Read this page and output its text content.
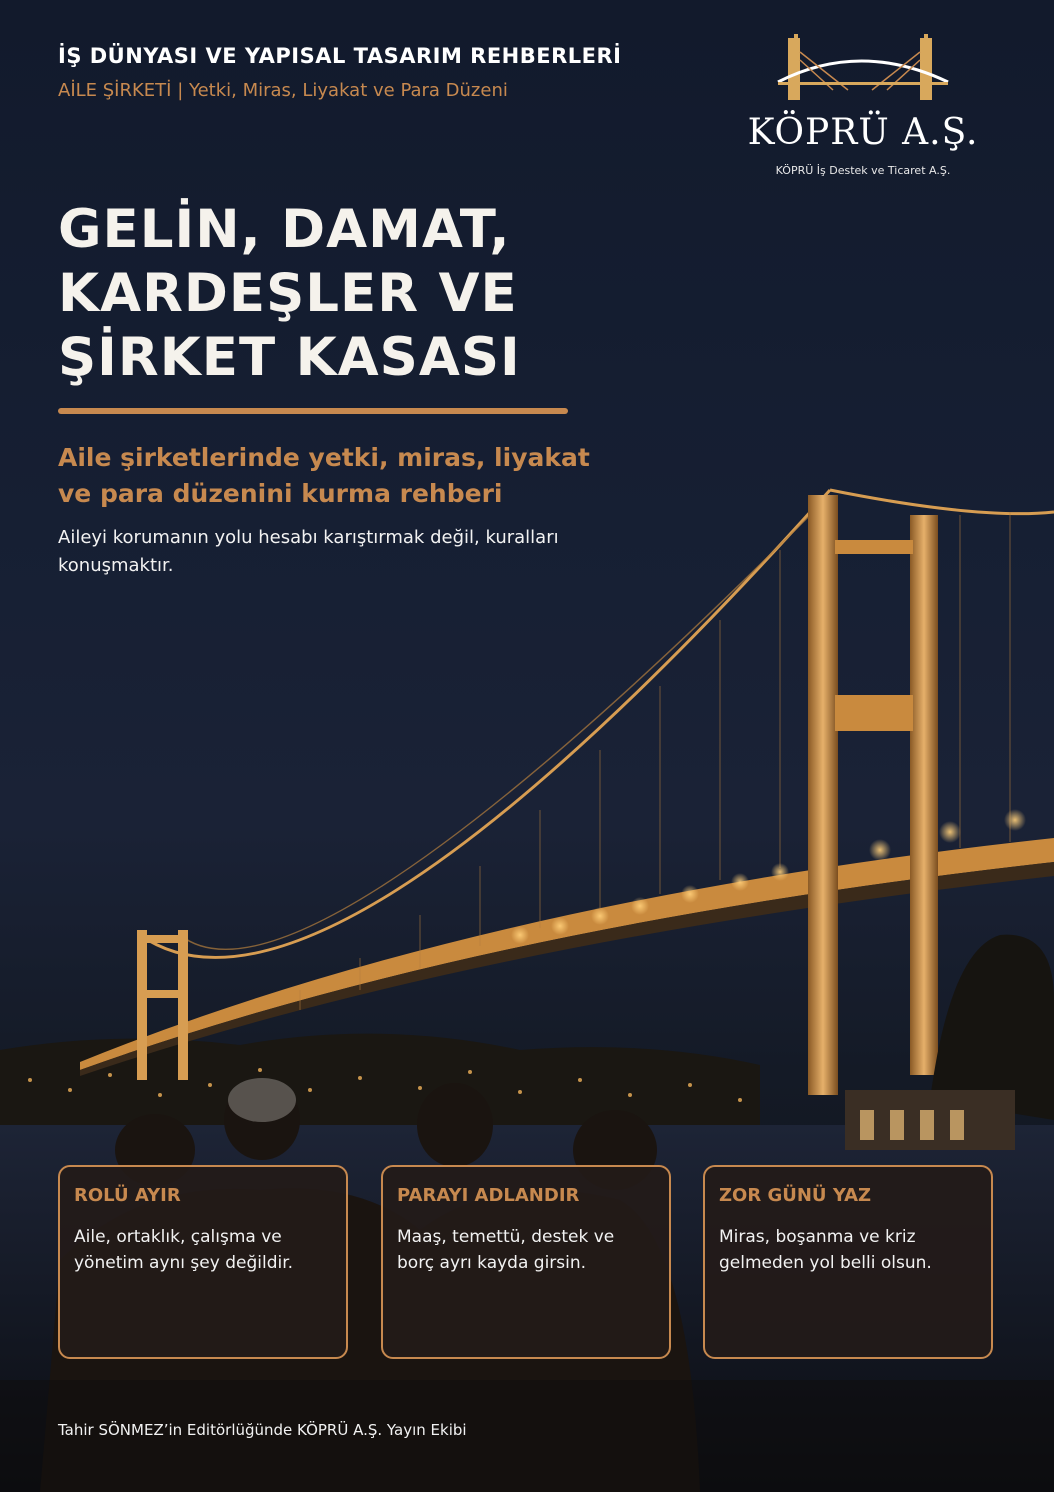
İŞ DÜNYASI VE YAPISAL TASARIM REHBERLERİ
AİLE ŞİRKETİ | Yetki, Miras, Liyakat ve Para Düzeni
KÖPRÜ A.Ş.
KÖPRÜ İş Destek ve Ticaret A.Ş.
GELİN, DAMAT,
KARDEŞLER VE
ŞİRKET KASASI
Aile şirketlerinde yetki, miras, liyakat
ve para düzenini kurma rehberi
Aileyi korumanın yolu hesabı karıştırmak değil, kuralları konuşmaktır.
ROLÜ AYIR
Aile, ortaklık, çalışma ve yönetim aynı şey değildir.
PARAYI ADLANDIR
Maaş, temettü, destek ve borç ayrı kayda girsin.
ZOR GÜNÜ YAZ
Miras, boşanma ve kriz gelmeden yol belli olsun.
Tahir SÖNMEZ’in Editörlüğünde KÖPRÜ A.Ş. Yayın Ekibi
